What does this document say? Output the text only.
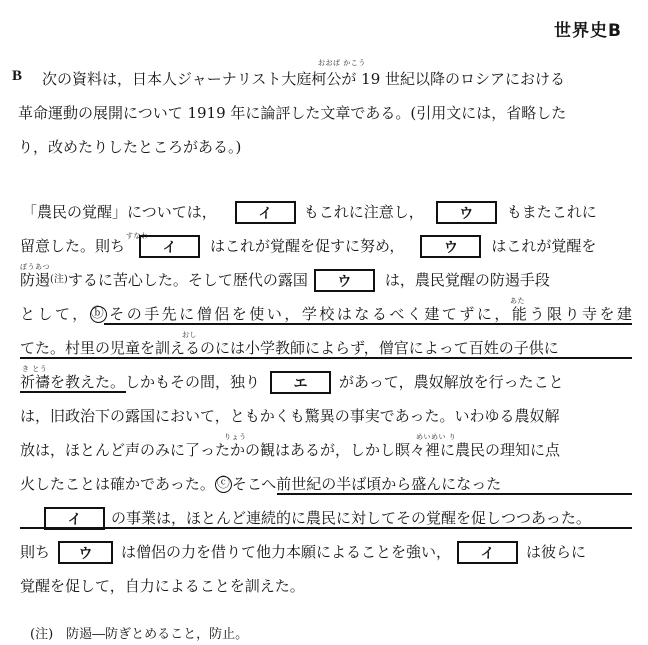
世界史B
B 次の資料は，日本人ジャーナリスト大庭柯公が 19 世紀以降のロシアにおける
革命運動の展開について 1919 年に論評した文章である。(引用文には，省略した
り，改めたりしたところがある。)
おおば かこう
すなわ
ぼうあつ
あた
おし
き とう
りょう	めいめい り
「農民の覚醒」については，	イ もこれに注意し，	ウ もまたこれに
留意した。則ち	イ はこれが覚醒を促すに努め，	ウ はこれが覚醒を
防遏(注)するに苦心した。そして歴代の露国 ウ は，農民覚醒の防遏手段
として，ⓑ その手先に僧侶を使い，学校はなるべく建てずに，能う限り寺を建
てた。村里の児童を訓えるのには小学教師によらず，僧官によって百姓の子供に
祈禱を教えた。しかもその間，独り エ があって，農奴解放を行ったこと
は，旧政治下の露国において，ともかくも驚異の事実であった。いわゆる農奴解
放は，ほとんど声のみに了ったかの観はあるが，しかし瞑々裡に農民の理知に点
火したことは確かであった。 ⓒ そこへ前世紀の半ば頃から盛んになった
イ の事業は，ほとんど連続的に農民に対してその覚醒を促しつつあった。
則ち ウ は僧侶の力を借りて他力本願によることを強い， イ は彼らに
覚醒を促して，自力によることを訓えた。
(注)　防遏―防ぎとめること，防止。
